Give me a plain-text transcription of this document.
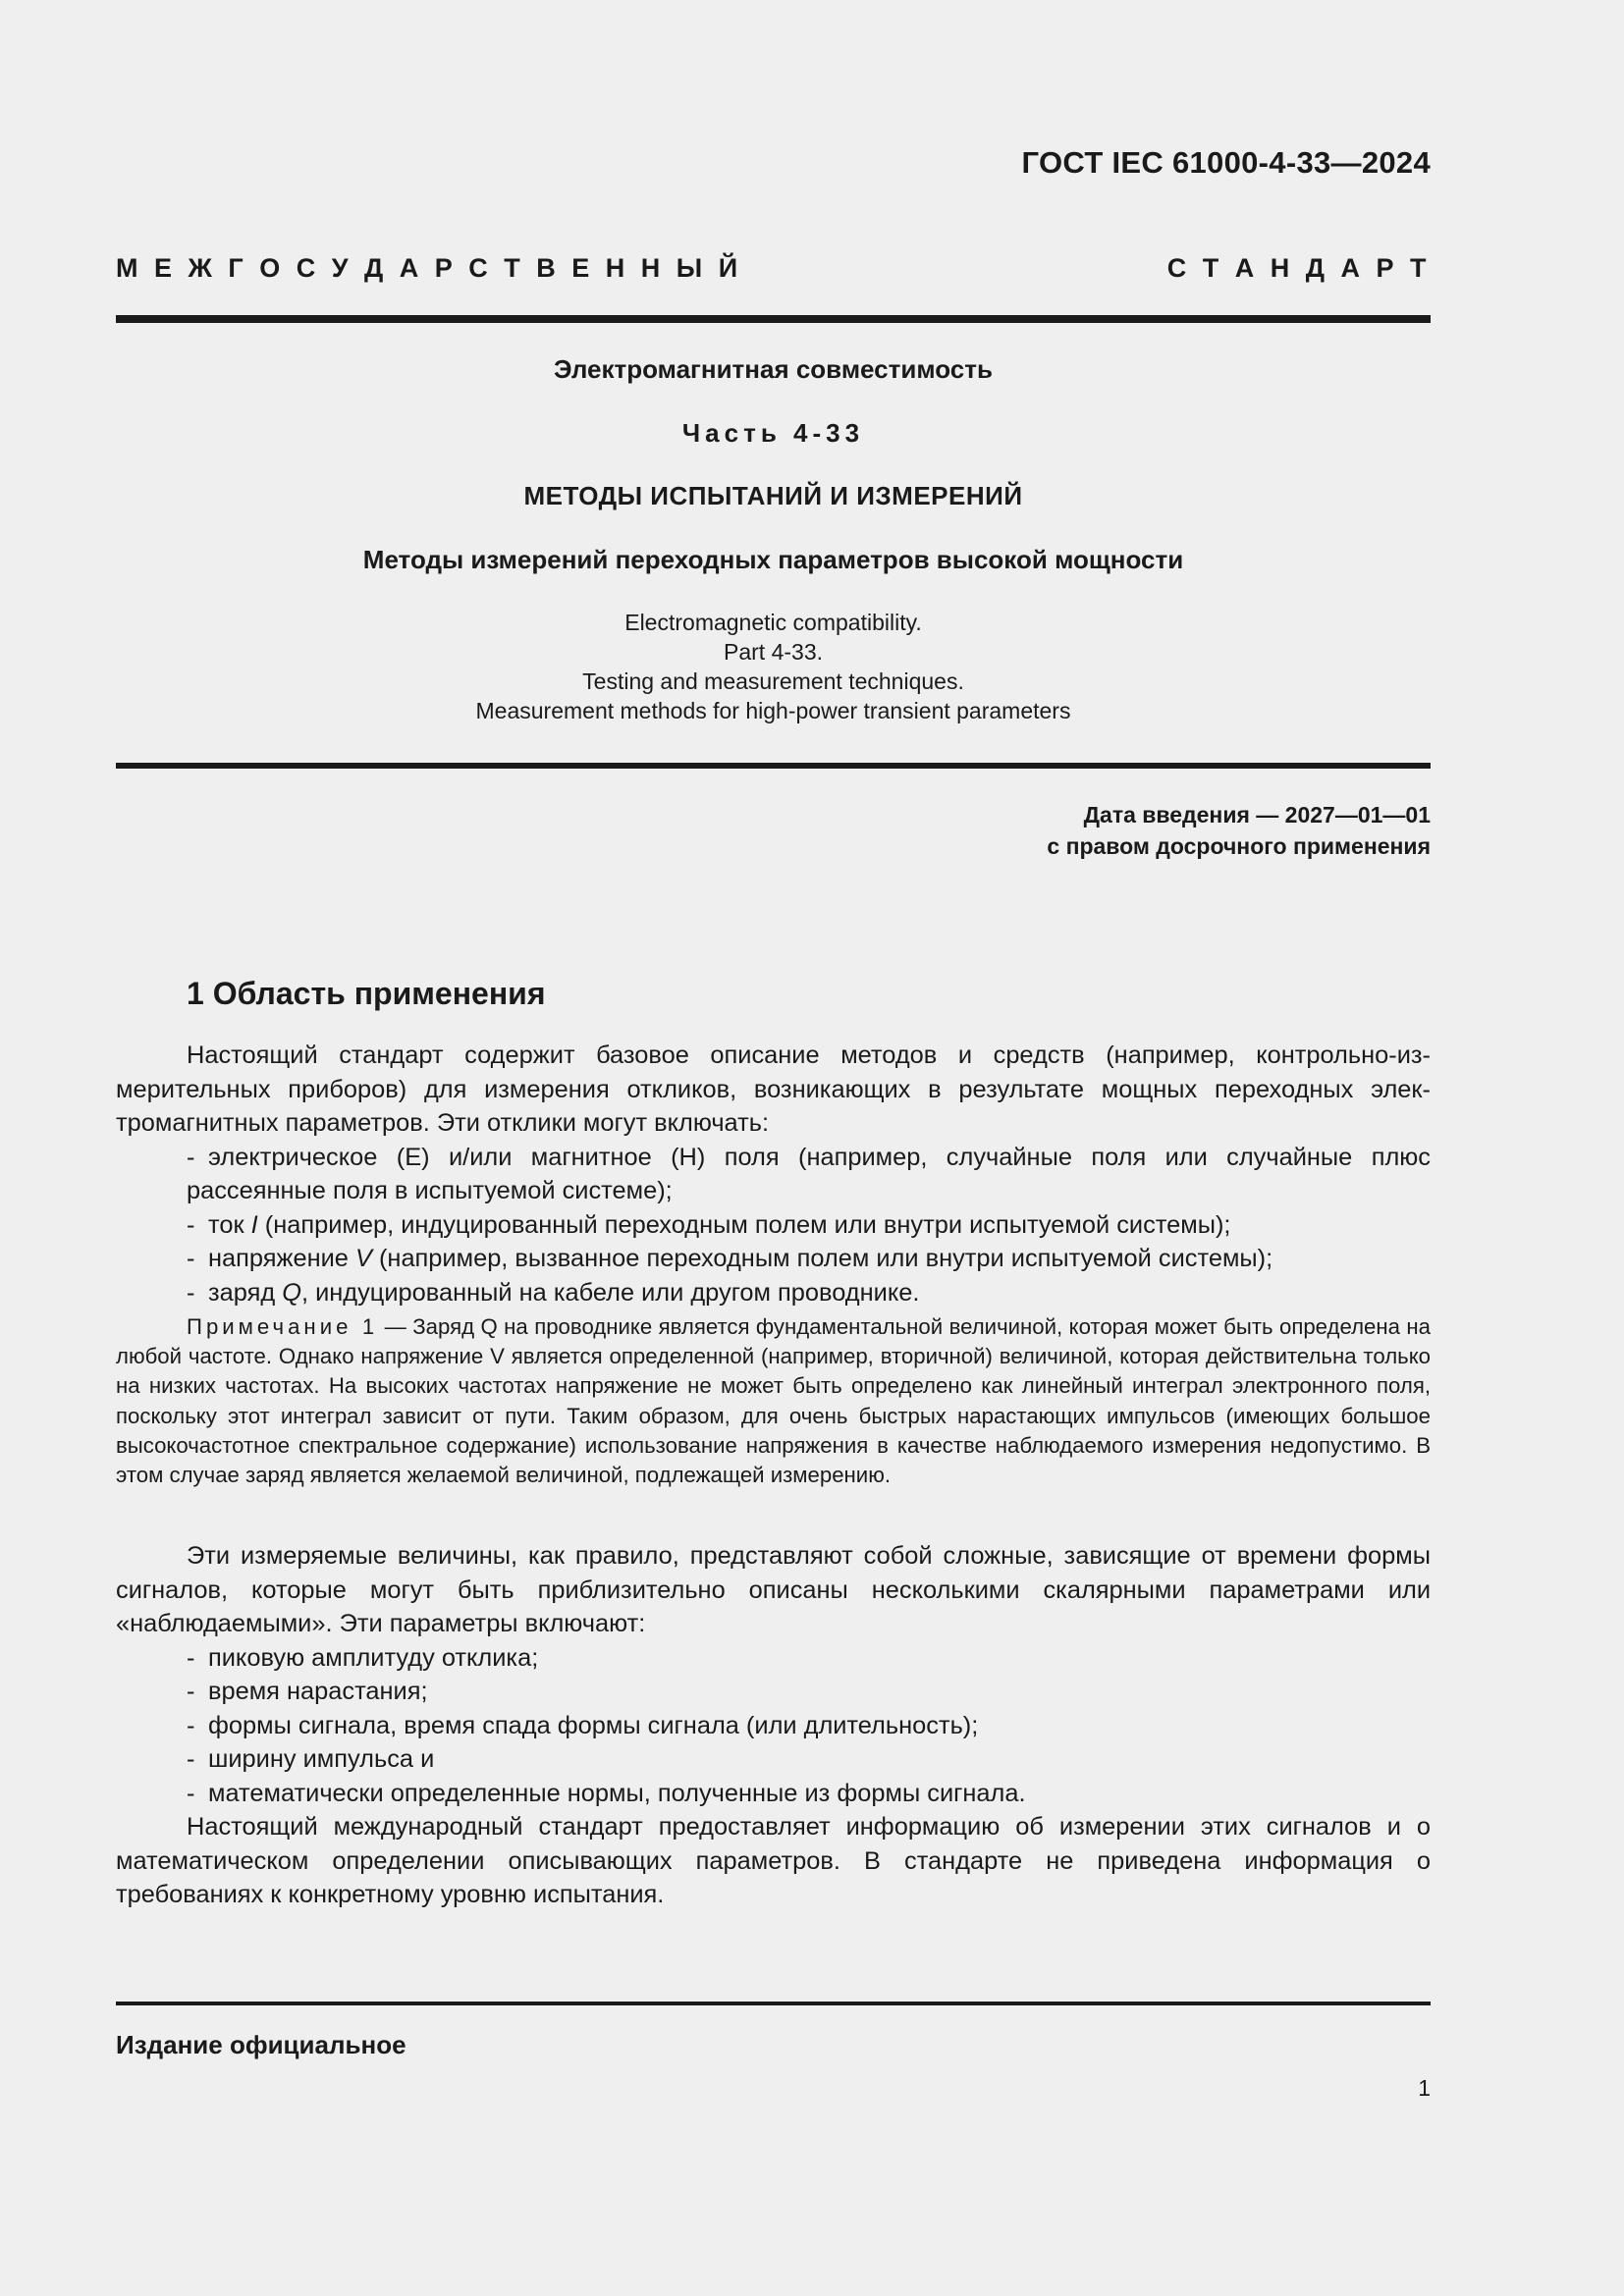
ГОСТ IEC 61000-4-33—2024
М Е Ж Г О С У Д А Р С Т В Е Н Н Ы Й	С Т А Н Д А Р Т
Электромагнитная совместимость
Часть 4-33
МЕТОДЫ ИСПЫТАНИЙ И ИЗМЕРЕНИЙ
Методы измерений переходных параметров высокой мощности
Electromagnetic compatibility.
Part 4-33.
Testing and measurement techniques.
Measurement methods for high-power transient parameters
Дата введения — 2027—01—01
с правом досрочного применения
1 Область применения

Настоящий стандарт содержит базовое описание методов и средств (например, контрольно-измерительных приборов) для измерения откликов, возникающих в результате мощных переходных электромагнитных параметров. Эти отклики могут включать:

- электрическое (Е) и/или магнитное (Н) поля (например, случайные поля или случайные плюс рассеянные поля в испытуемой системе);
- ток I (например, индуцированный переходным полем или внутри испытуемой системы);
- напряжение V (например, вызванное переходным полем или внутри испытуемой системы);
- заряд Q, индуцированный на кабеле или другом проводнике.
Примечание 1 — Заряд Q на проводнике является фундаментальной величиной, которая может быть определена на любой частоте. Однако напряжение V является определенной (например, вторичной) величиной, которая действительна только на низких частотах. На высоких частотах напряжение не может быть определено как линейный интеграл электронного поля, поскольку этот интеграл зависит от пути. Таким образом, для очень быстрых нарастающих импульсов (имеющих большое высокочастотное спектральное содержание) использование напряжения в качестве наблюдаемого измерения недопустимо. В этом случае заряд является желаемой величиной, подлежащей измерению.

Эти измеряемые величины, как правило, представляют собой сложные, зависящие от времени формы сигналов, которые могут быть приблизительно описаны несколькими скалярными параметрами или «наблюдаемыми». Эти параметры включают:

- пиковую амплитуду отклика;
- время нарастания;
- формы сигнала, время спада формы сигнала (или длительность);
- ширину импульса и
- математически определенные нормы, полученные из формы сигнала.

Настоящий международный стандарт предоставляет информацию об измерении этих сигналов и о математическом определении описывающих параметров. В стандарте не приведена информация о требованиях к конкретному уровню испытания.

Издание официальное
1
